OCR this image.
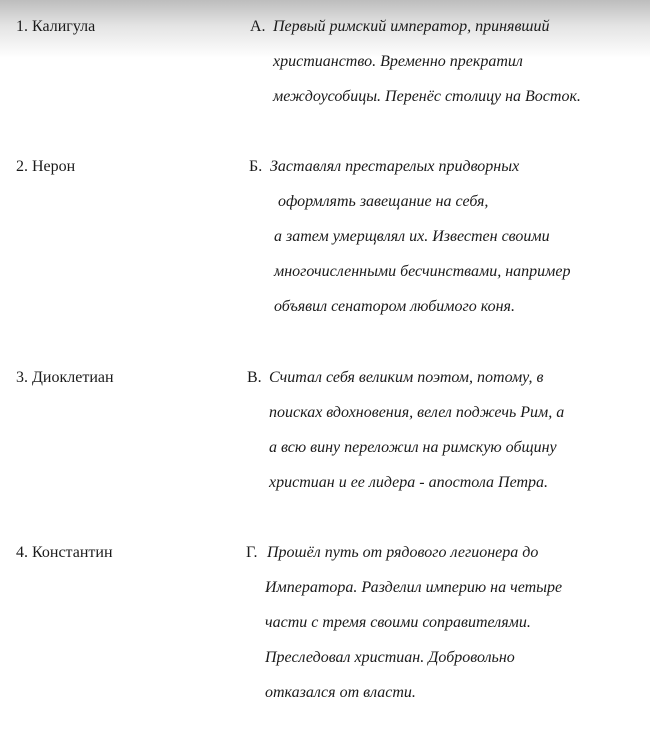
1. Калигула
2. Нерон
3. Диоклетиан
4. Константин
А. Первый римский император, принявший
христианство. Временно прекратил
междоусобицы. Перенёс столицу на Восток.
Б. Заставлял престарелых придворных
оформлять завещание на себя,
а затем умерщвлял их. Известен своими
многочисленными бесчинствами, например
объявил сенатором любимого коня.
В. Считал себя великим поэтом, потому, в
поисках вдохновения, велел поджечь Рим, а
а всю вину переложил на римскую общину
христиан и ее лидера - апостола Петра.
Г. Прошёл путь от рядового легионера до
Императора. Разделил империю на четыре
части с тремя своими соправителями.
Преследовал христиан. Добровольно
отказался от власти.
